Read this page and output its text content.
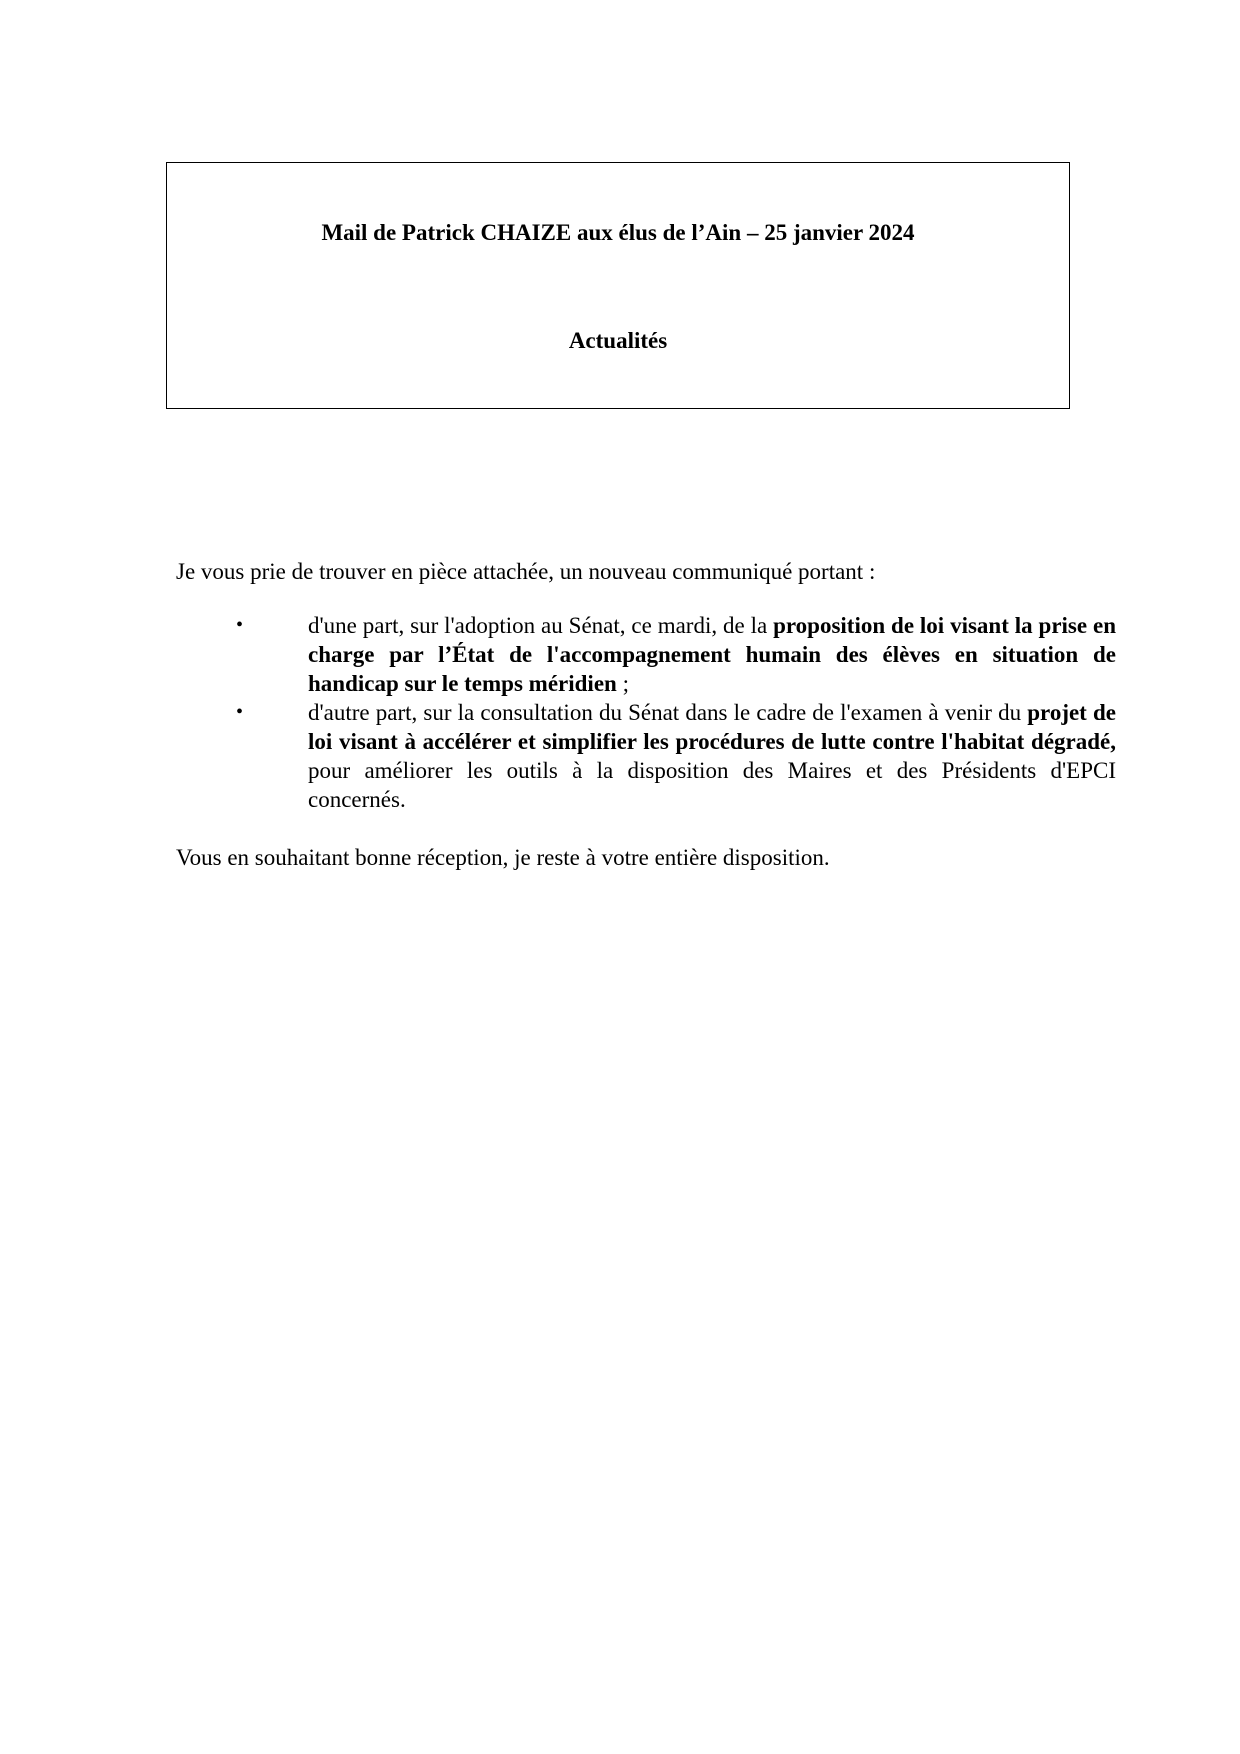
Mail de Patrick CHAIZE aux élus de l’Ain – 25 janvier 2024
Actualités
Je vous prie de trouver en pièce attachée, un nouveau communiqué portant :
•	d'une part, sur l'adoption au Sénat, ce mardi, de la proposition de loi visant la prise en charge par l’État de l'accompagnement humain des élèves en situation de handicap sur le temps méridien ;
•	d'autre part, sur la consultation du Sénat dans le cadre de l'examen à venir du projet de loi visant à accélérer et simplifier les procédures de lutte contre l'habitat dégradé, pour améliorer les outils à la disposition des Maires et des Présidents d'EPCI concernés.
Vous en souhaitant bonne réception, je reste à votre entière disposition.
